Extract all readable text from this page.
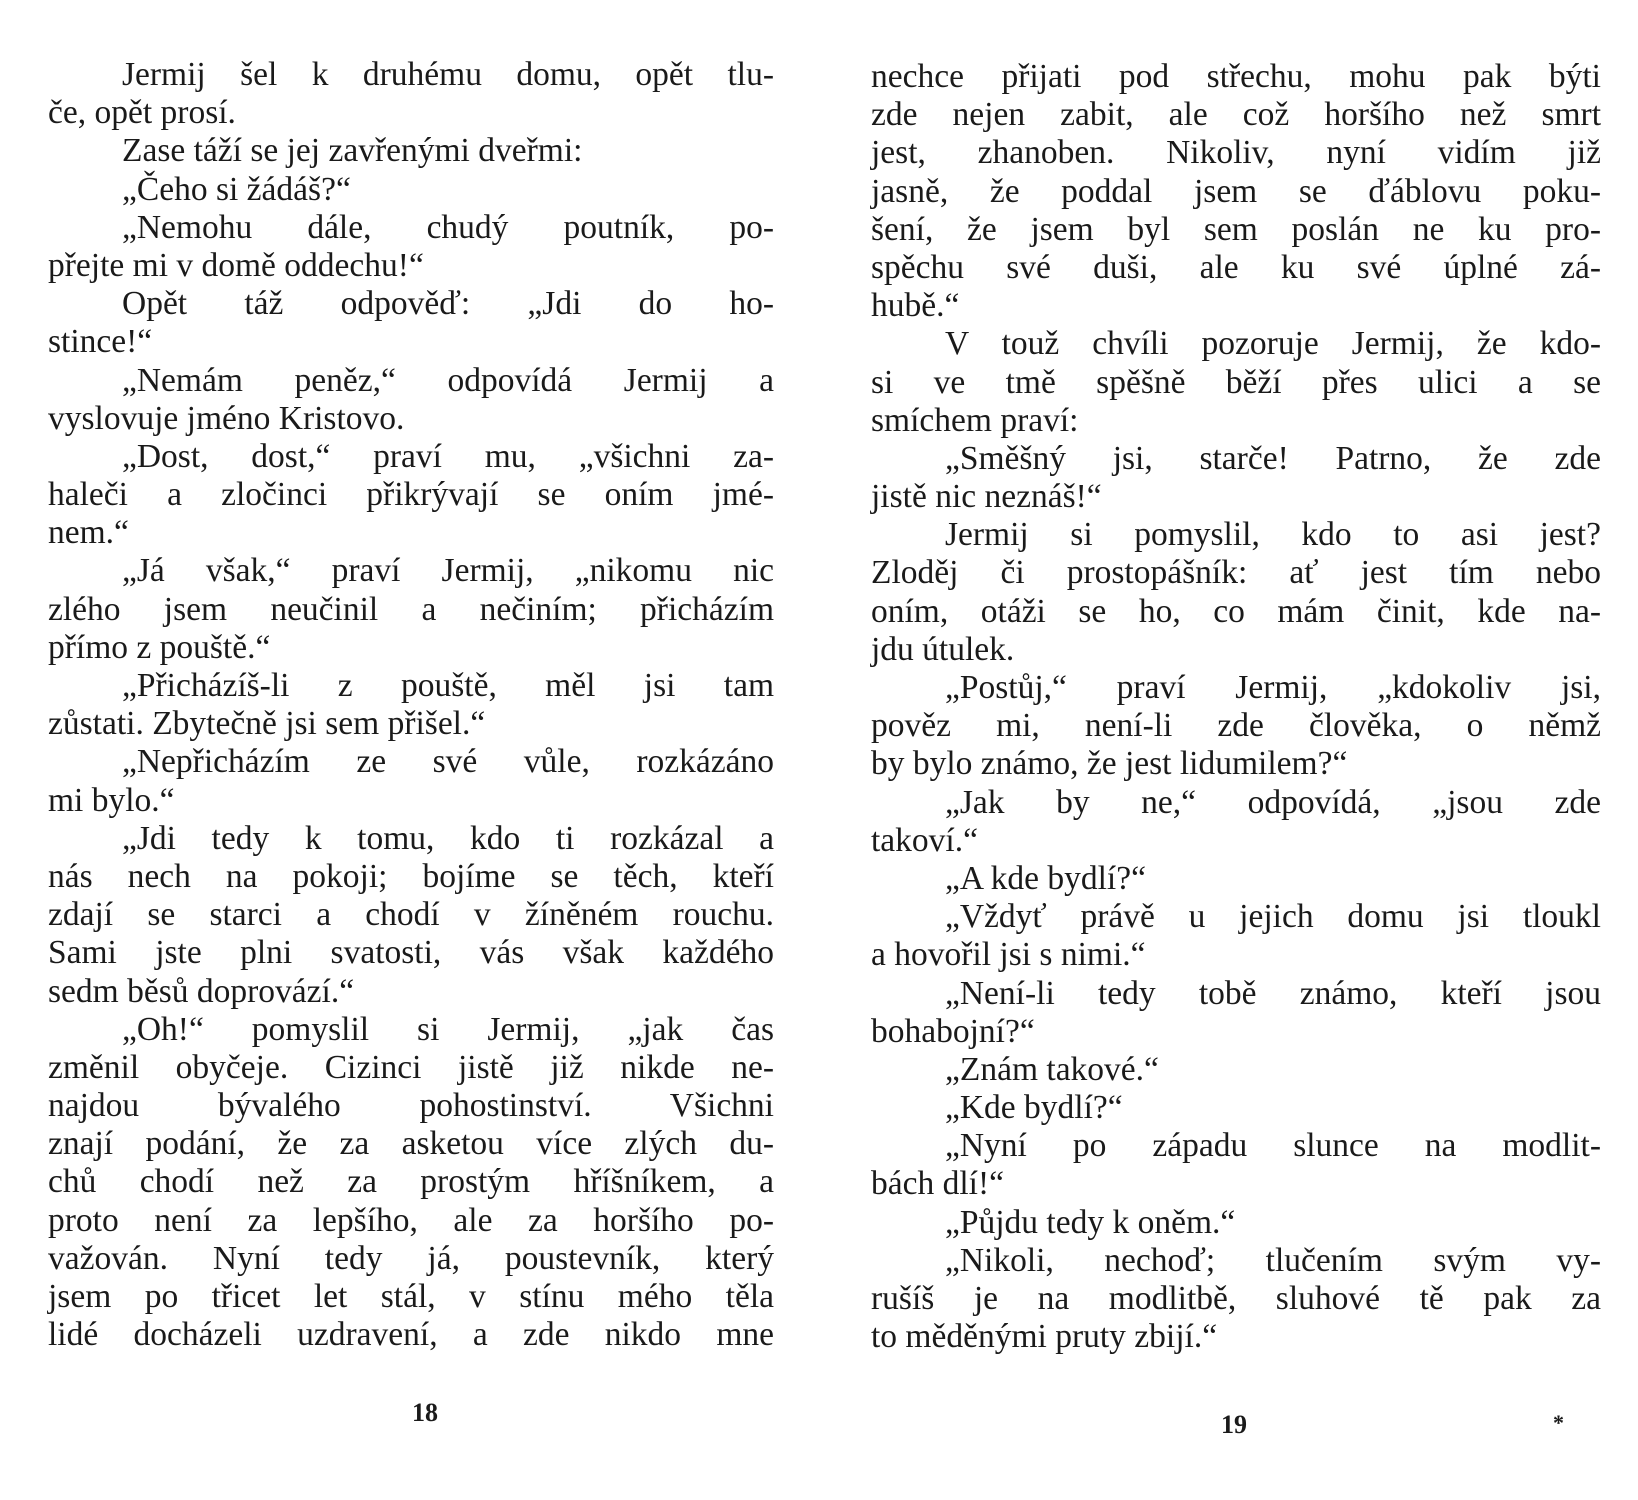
Jermij šel k druhému domu, opět tlu-
če, opět prosí.
Zase táží se jej zavřenými dveřmi:
„Čeho si žádáš?“
„Nemohu dále, chudý poutník, po-
přejte mi v domě oddechu!“
Opět táž odpověď: „Jdi do ho-
stince!“
„Nemám peněz,“ odpovídá Jermij a
vyslovuje jméno Kristovo.
„Dost, dost,“ praví mu, „všichni za-
haleči a zločinci přikrývají se oním jmé-
nem.“
„Já však,“ praví Jermij, „nikomu nic
zlého jsem neučinil a nečiním; přicházím
přímo z pouště.“
„Přicházíš-li z pouště, měl jsi tam
zůstati. Zbytečně jsi sem přišel.“
„Nepřicházím ze své vůle, rozkázáno
mi bylo.“
„Jdi tedy k tomu, kdo ti rozkázal a
nás nech na pokoji; bojíme se těch, kteří
zdají se starci a chodí v žíněném rouchu.
Sami jste plni svatosti, vás však každého
sedm běsů doprovází.“
„Oh!“ pomyslil si Jermij, „jak čas
změnil obyčeje. Cizinci jistě již nikde ne-
najdou bývalého pohostinství. Všichni
znají podání, že za asketou více zlých du-
chů chodí než za prostým hříšníkem, a
proto není za lepšího, ale za horšího po-
važován. Nyní tedy já, poustevník, který
jsem po třicet let stál, v stínu mého těla
lidé docházeli uzdravení, a zde nikdo mne
18
nechce přijati pod střechu, mohu pak býti
zde nejen zabit, ale což horšího než smrt
jest, zhanoben. Nikoliv, nyní vidím již
jasně, že poddal jsem se ďáblovu poku-
šení, že jsem byl sem poslán ne ku pro-
spěchu své duši, ale ku své úplné zá-
hubě.“
V touž chvíli pozoruje Jermij, že kdo-
si ve tmě spěšně běží přes ulici a se
smíchem praví:
„Směšný jsi, starče! Patrno, že zde
jistě nic neznáš!“
Jermij si pomyslil, kdo to asi jest?
Zloděj či prostopášník: ať jest tím nebo
oním, otáži se ho, co mám činit, kde na-
jdu útulek.
„Postůj,“ praví Jermij, „kdokoliv jsi,
pověz mi, není-li zde člověka, o němž
by bylo známo, že jest lidumilem?“
„Jak by ne,“ odpovídá, „jsou zde
takoví.“
„A kde bydlí?“
„Vždyť právě u jejich domu jsi tloukl
a hovořil jsi s nimi.“
„Není-li tedy tobě známo, kteří jsou
bohabojní?“
„Znám takové.“
„Kde bydlí?“
„Nyní po západu slunce na modlit-
bách dlí!“
„Půjdu tedy k oněm.“
„Nikoli, nechoď; tlučením svým vy-
rušíš je na modlitbě, sluhové tě pak za
to měděnými pruty zbijí.“
19	*
